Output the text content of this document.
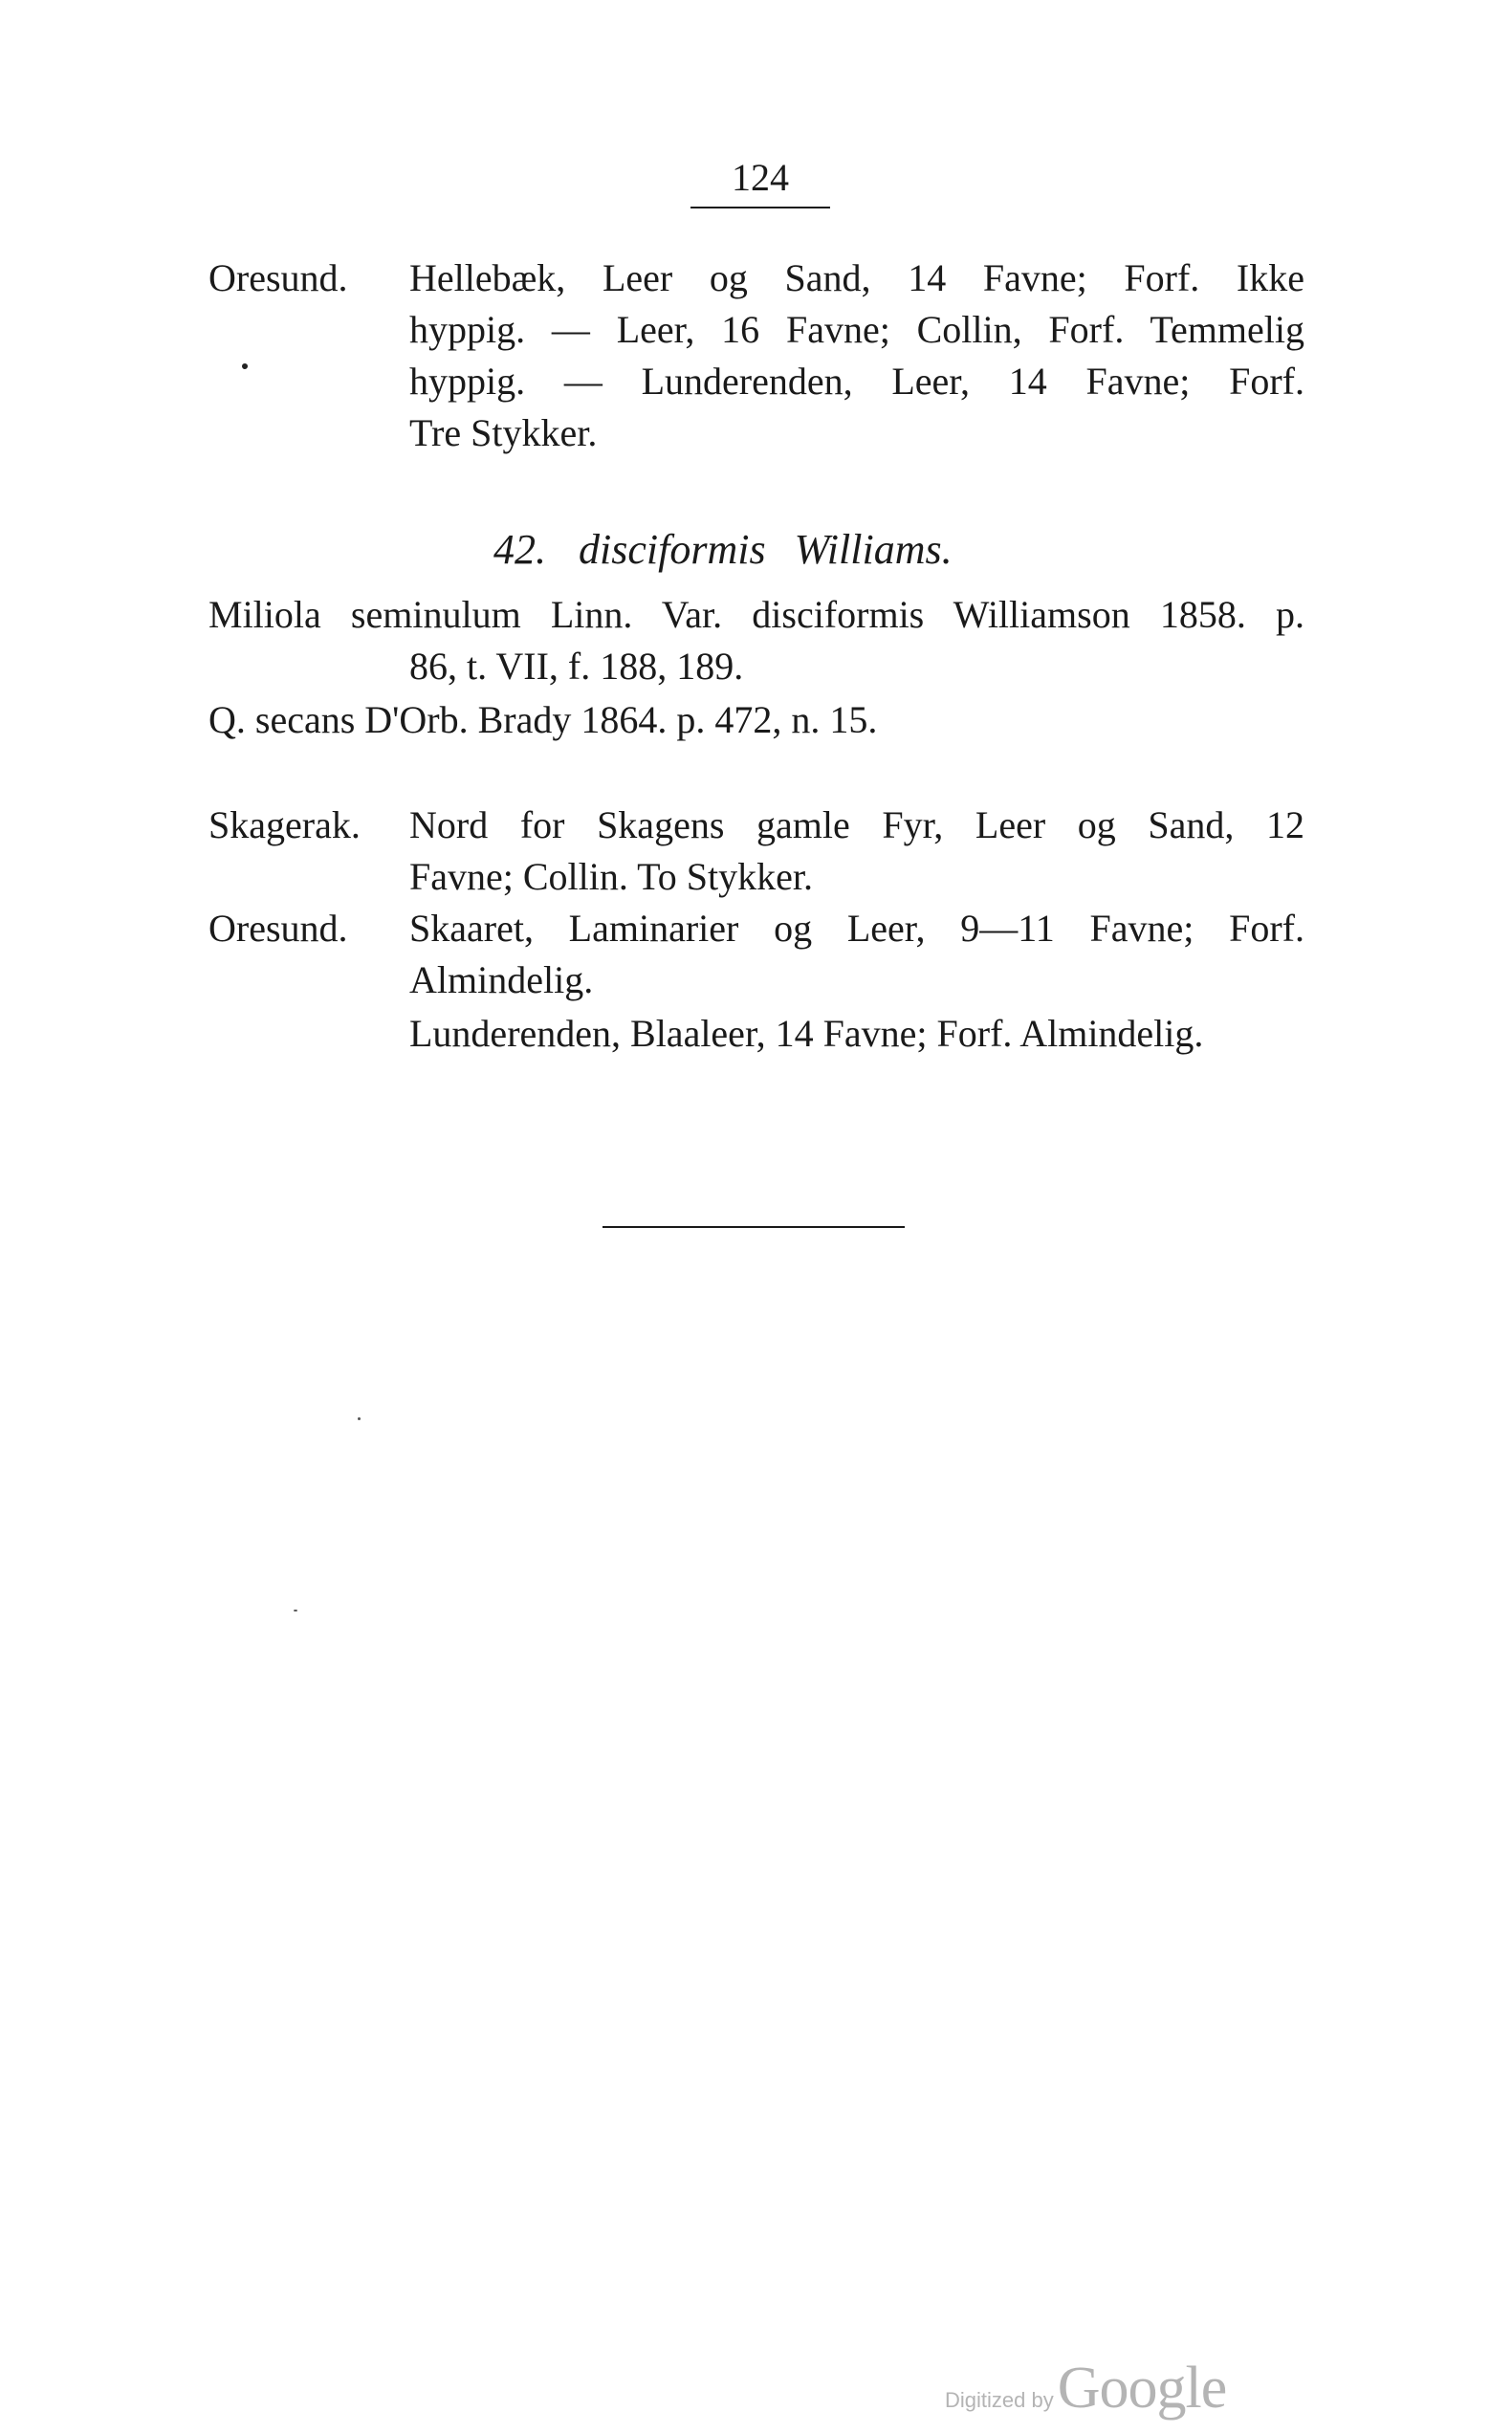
124
Oresund. Hellebæk, Leer og Sand, 14 Favne; Forf. Ikke
hyppig. — Leer, 16 Favne; Collin, Forf. Temmelig
hyppig. — Lunderenden, Leer, 14 Favne; Forf.
Tre Stykker.
42. disciformis Williams.
Miliola seminulum Linn. Var. disciformis Williamson 1858. p.
86, t. VII, f. 188, 189.
Q. secans D'Orb. Brady 1864. p. 472, n. 15.
Skagerak. Nord for Skagens gamle Fyr, Leer og Sand, 12
Favne; Collin. To Stykker.
Oresund. Skaaret, Laminarier og Leer, 9—11 Favne; Forf.
Almindelig.
Lunderenden, Blaaleer, 14 Favne; Forf. Almindelig.
Digitized by Google
